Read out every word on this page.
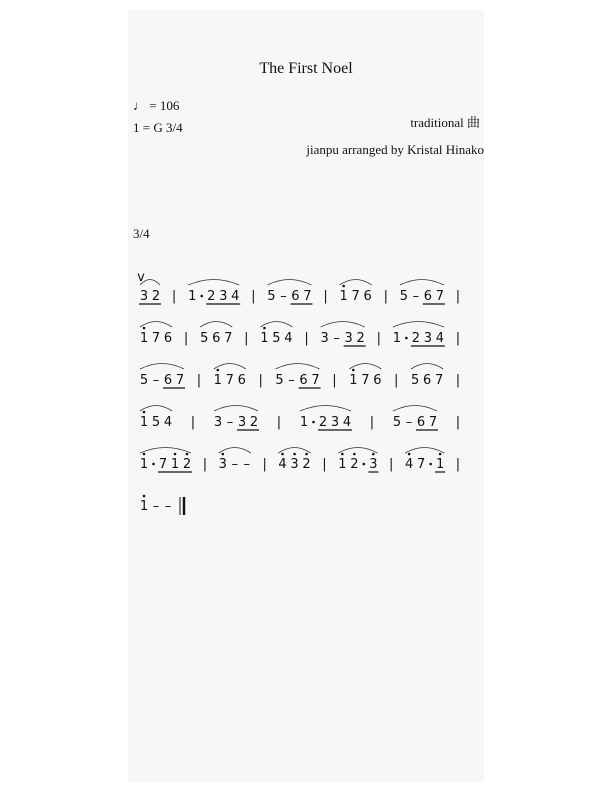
The First Noel
♩ = 106
1 = G 3/4	traditional 曲
jianpu arranged by Kristal Hinako
3/4
3 2 | 1 2 3 4 | 5 – 6 7 | 1 7 6 | 5 – 6 7 |
v
1 7 6 | 5 6 7 | 1 5 4 | 3 – 3 2 | 1 2 3 4 |
5 – 6 7 | 1 7 6 | 5 – 6 7 | 1 7 6 | 5 6 7 |
1 5 4 | 3 – 3 2 | 1 2 3 4 | 5 – 6 7 |
1 7 1 2 | 3 – – | 4 3 2 | 1 2 3 | 4 7 1 |
1 – –
